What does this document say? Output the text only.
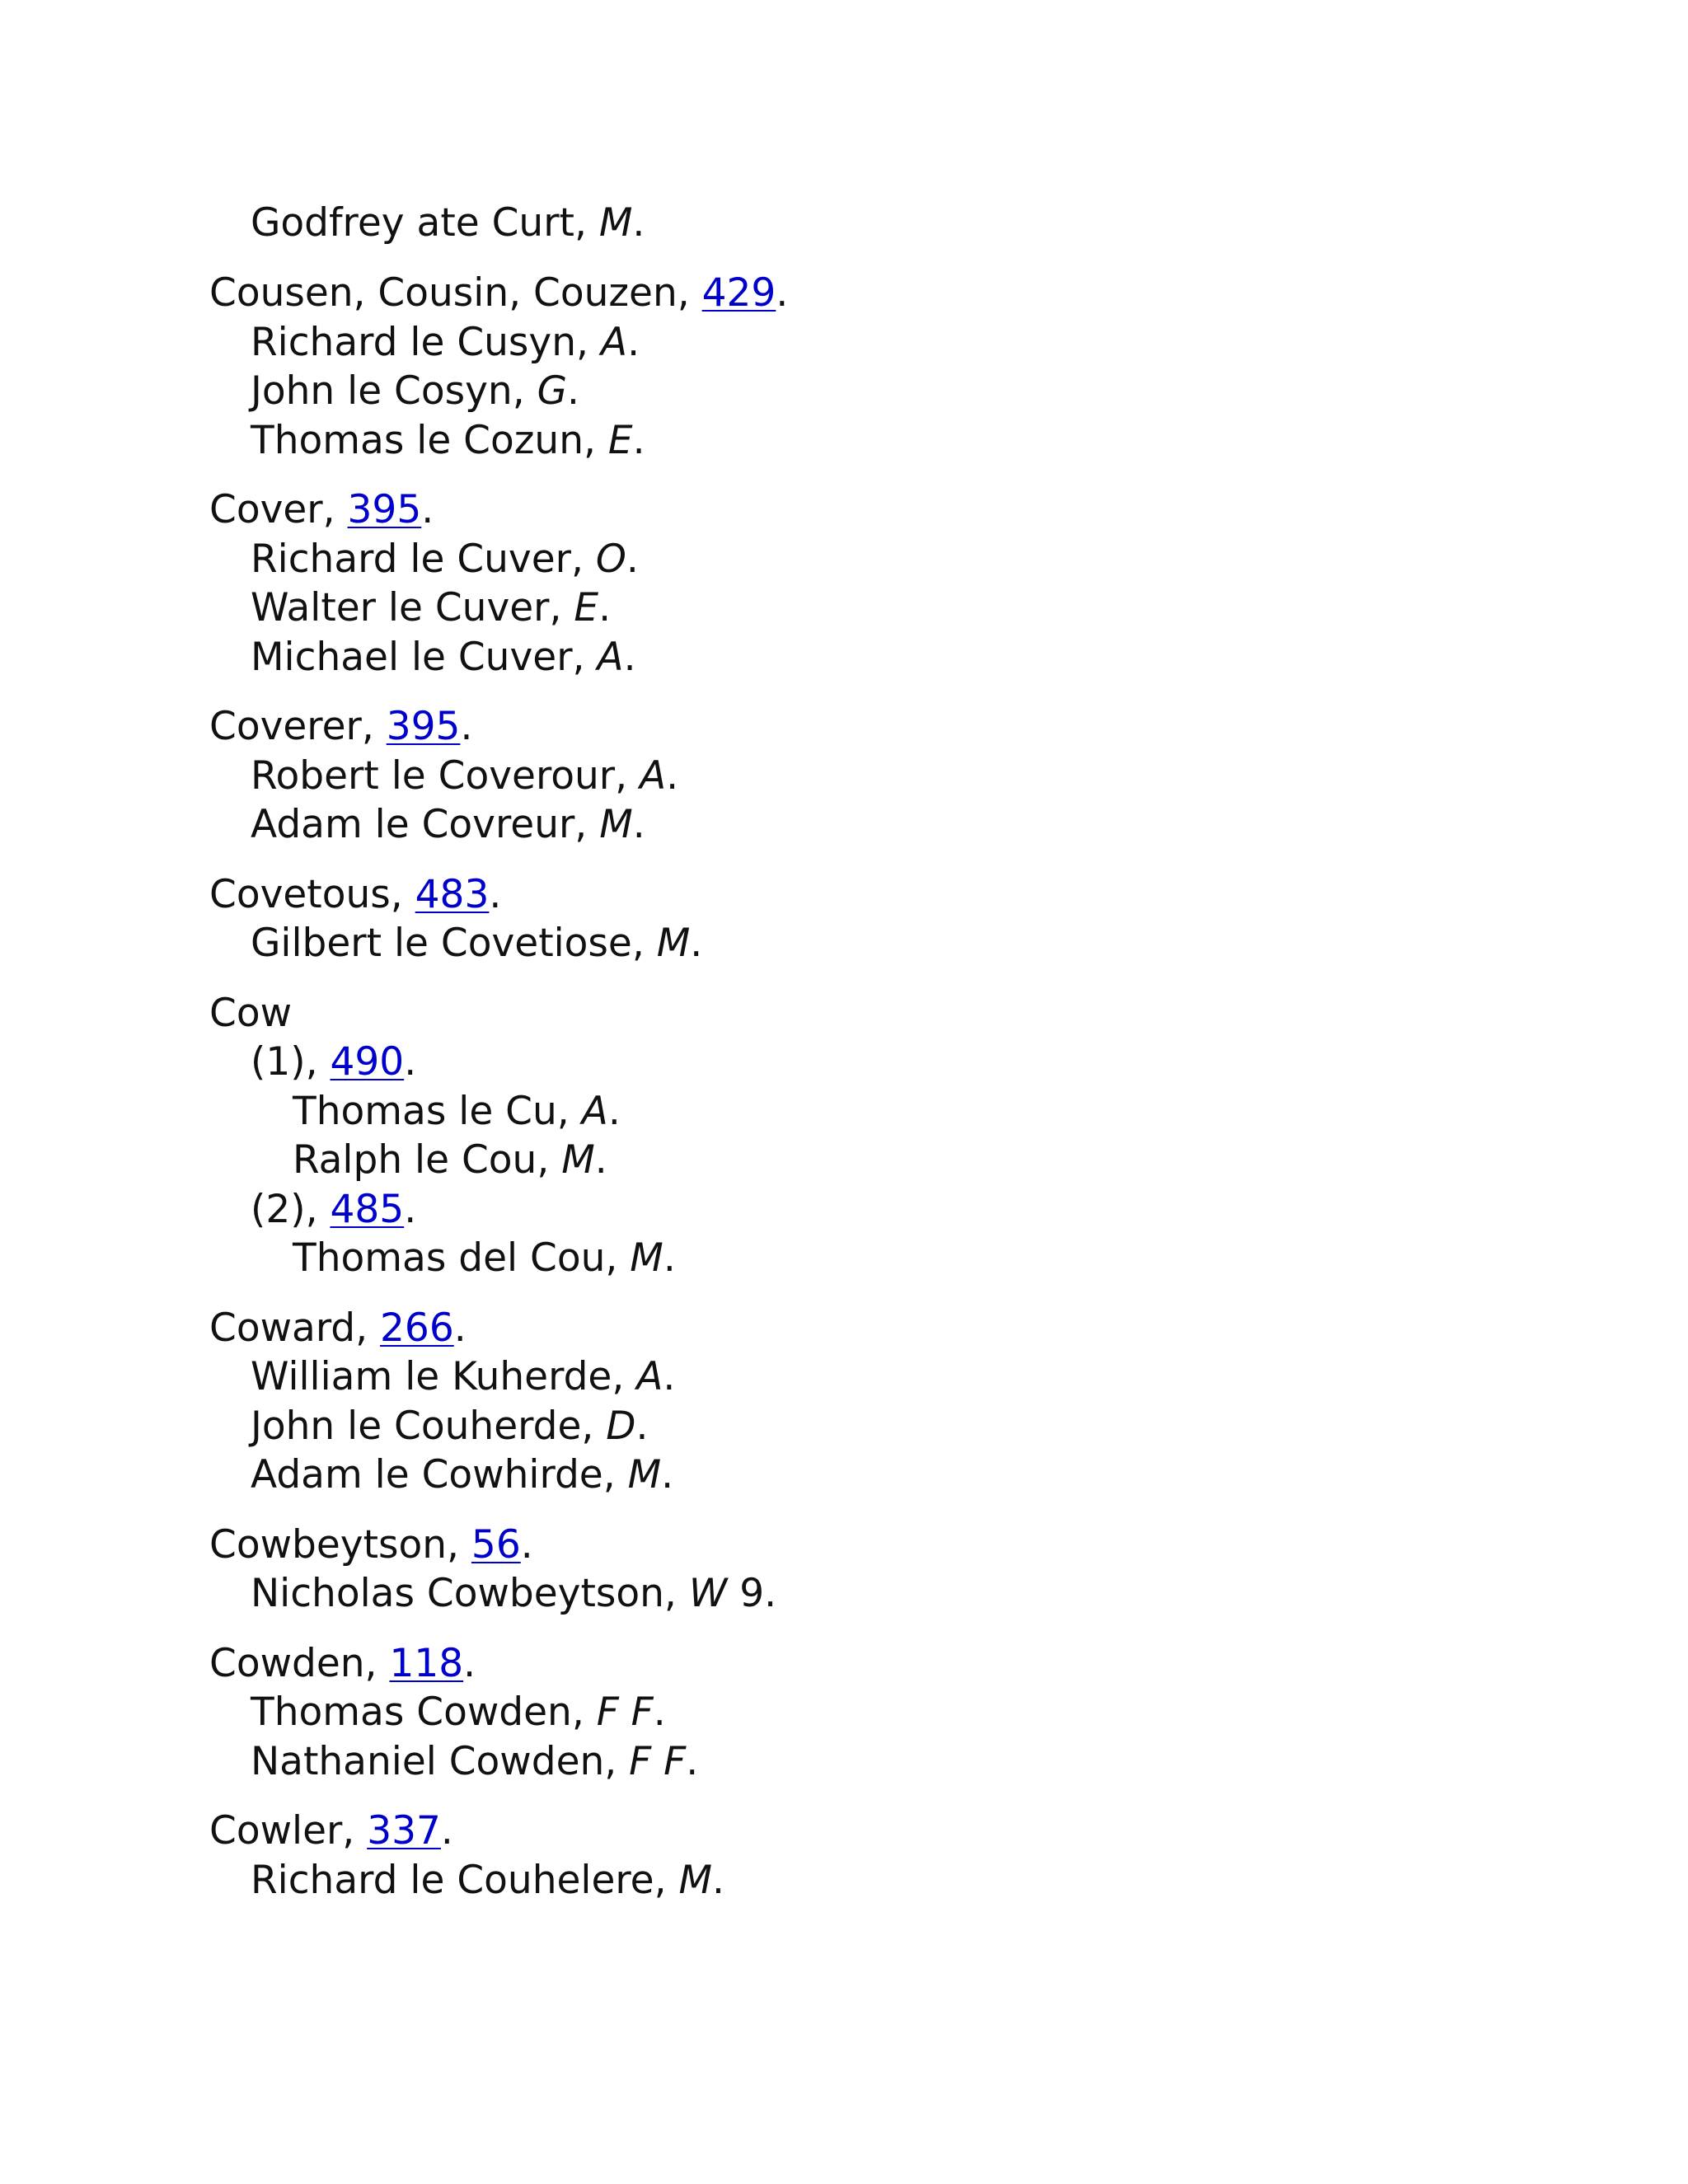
Godfrey ate Curt, M.
Cousen, Cousin, Couzen, 429.
Richard le Cusyn, A.
John le Cosyn, G.
Thomas le Cozun, E.
Cover, 395.
Richard le Cuver, O.
Walter le Cuver, E.
Michael le Cuver, A.
Coverer, 395.
Robert le Coverour, A.
Adam le Covreur, M.
Covetous, 483.
Gilbert le Covetiose, M.
Cow
(1), 490.
Thomas le Cu, A.
Ralph le Cou, M.
(2), 485.
Thomas del Cou, M.
Coward, 266.
William le Kuherde, A.
John le Couherde, D.
Adam le Cowhirde, M.
Cowbeytson, 56.
Nicholas Cowbeytson, W 9.
Cowden, 118.
Thomas Cowden, F F.
Nathaniel Cowden, F F.
Cowler, 337.
Richard le Couhelere, M.
